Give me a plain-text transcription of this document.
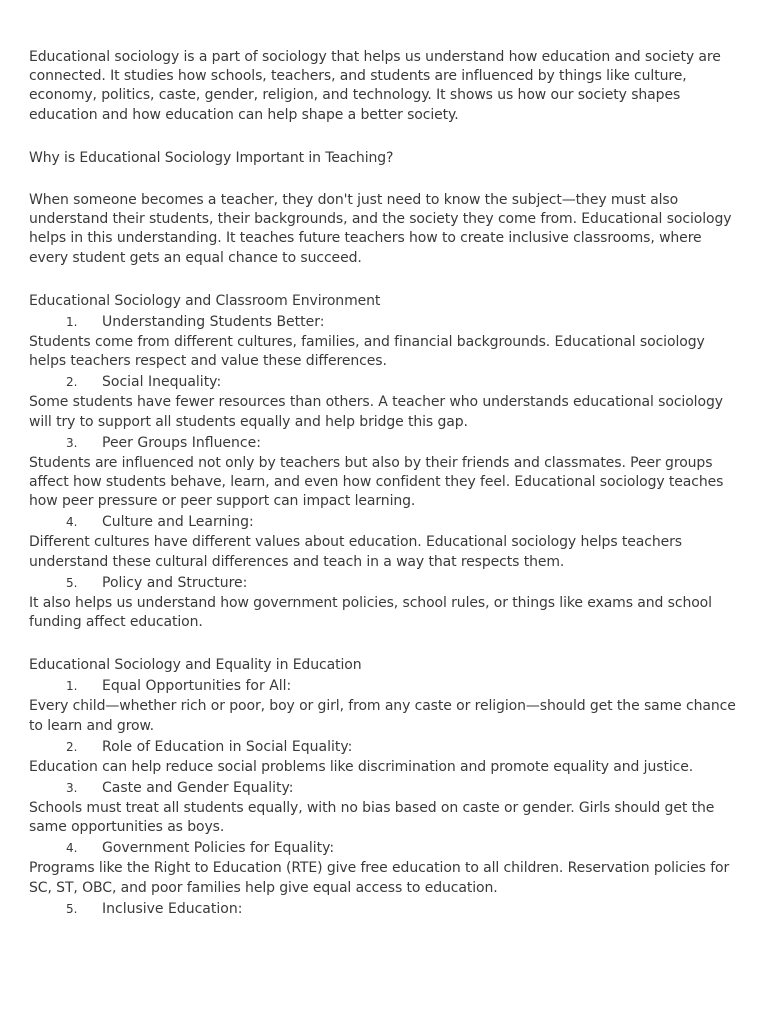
Educational sociology is a part of sociology that helps us understand how education and society are connected. It studies how schools, teachers, and students are influenced by things like culture, economy, politics, caste, gender, religion, and technology. It shows us how our society shapes education and how education can help shape a better society.

Why is Educational Sociology Important in Teaching?

When someone becomes a teacher, they don't just need to know the subject—they must also understand their students, their backgrounds, and the society they come from. Educational sociology helps in this understanding. It teaches future teachers how to create inclusive classrooms, where every student gets an equal chance to succeed.

Educational Sociology and Classroom Environment

1.	Understanding Students Better:

Students come from different cultures, families, and financial backgrounds. Educational sociology helps teachers respect and value these differences.

2.	Social Inequality:

Some students have fewer resources than others. A teacher who understands educational sociology will try to support all students equally and help bridge this gap.

3.	Peer Groups Influence:

Students are influenced not only by teachers but also by their friends and classmates. Peer groups affect how students behave, learn, and even how confident they feel. Educational sociology teaches how peer pressure or peer support can impact learning.

4.	Culture and Learning:

Different cultures have different values about education. Educational sociology helps teachers understand these cultural differences and teach in a way that respects them.

5.	Policy and Structure:

It also helps us understand how government policies, school rules, or things like exams and school funding affect education.

Educational Sociology and Equality in Education

1.	Equal Opportunities for All:

Every child—whether rich or poor, boy or girl, from any caste or religion—should get the same chance to learn and grow.

2.	Role of Education in Social Equality:

Education can help reduce social problems like discrimination and promote equality and justice.

3.	Caste and Gender Equality:

Schools must treat all students equally, with no bias based on caste or gender. Girls should get the same opportunities as boys.

4.	Government Policies for Equality:

Programs like the Right to Education (RTE) give free education to all children. Reservation policies for SC, ST, OBC, and poor families help give equal access to education.

5.	Inclusive Education:
